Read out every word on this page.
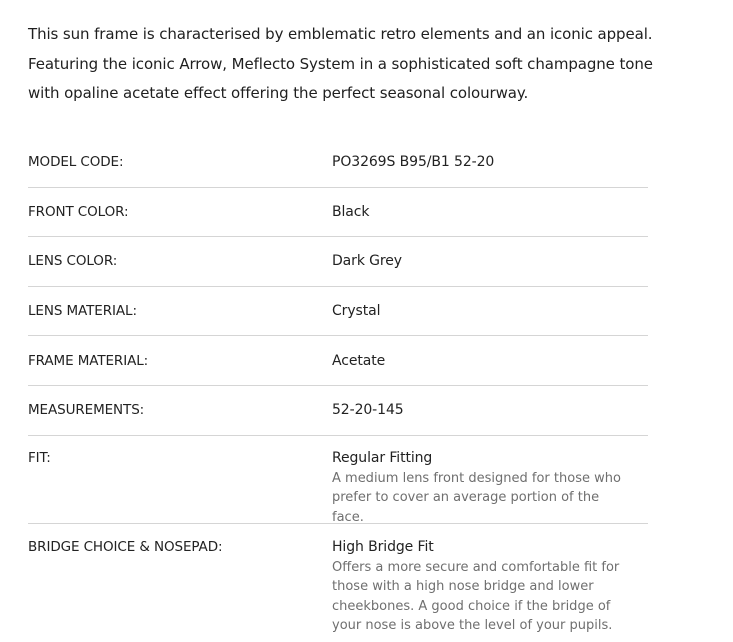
This sun frame is characterised by emblematic retro elements and an iconic appeal.
Featuring the iconic Arrow, Meflecto System in a sophisticated soft champagne tone
with opaline acetate effect offering the perfect seasonal colourway.
MODEL CODE:	PO3269S B95/B1 52-20
FRONT COLOR:	Black
LENS COLOR:	Dark Grey
LENS MATERIAL:	Crystal
FRAME MATERIAL:	Acetate
MEASUREMENTS:	52-20-145
FIT:	Regular Fitting
A medium lens front designed for those who prefer to cover an average portion of the face.
BRIDGE CHOICE & NOSEPAD:	High Bridge Fit
Offers a more secure and comfortable fit for those with a high nose bridge and lower cheekbones. A good choice if the bridge of your nose is above the level of your pupils.
